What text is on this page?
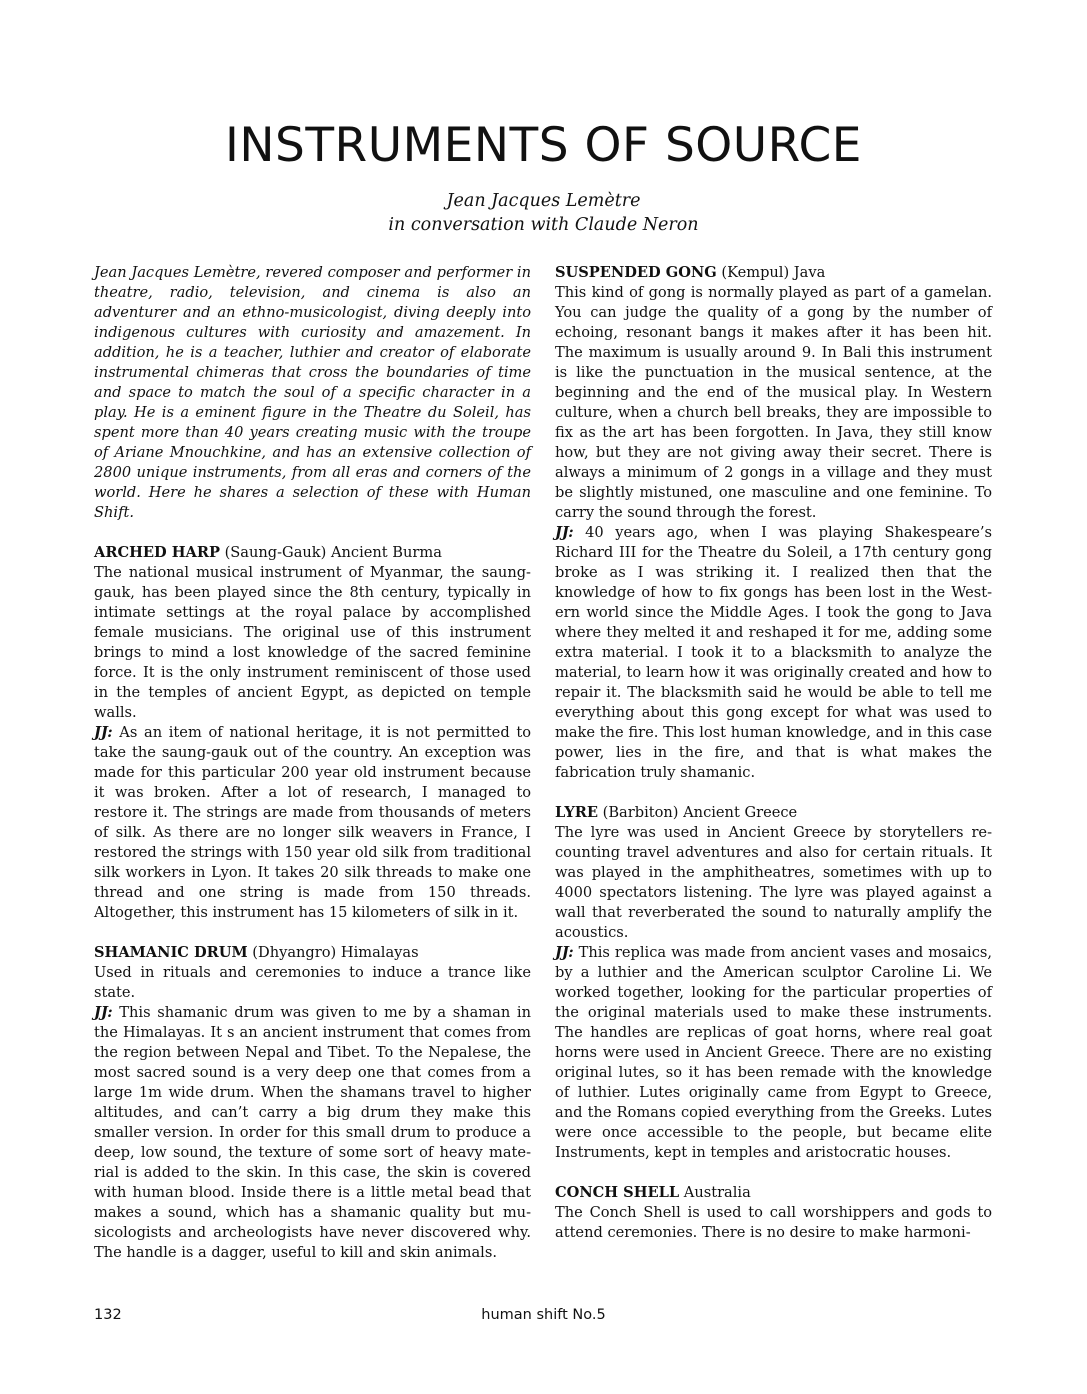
INSTRUMENTS OF SOURCE
Jean Jacques Lemètre
in conversation with Claude Neron

Jean Jacques Lemètre, revered composer and performer in theatre, radio, television, and cinema is also an adventurer and an ethno-musicologist, diving deeply into indigenous cultures with curiosity and amazement. In addition, he is a teacher, luthier and creator of elaborate instrumental chimeras that cross the boundaries of time and space to match the soul of a specific character in a play. He is a eminent figure in the Theatre du Soleil, has spent more than 40 years creating music with the troupe of Ariane Mnouchkine, and has an extensive collection of 2800 unique instruments, from all eras and corners of the world. Here he shares a selection of these with Human Shift.

ARCHED HARP (Saung-Gauk) Ancient Burma

The national musical instrument of Myanmar, the saung-gauk, has been played since the 8th century, typically in intimate settings at the royal palace by accomplished female musicians. The original use of this instrument brings to mind a lost knowledge of the sacred feminine force. It is the only instrument reminiscent of those used in the temples of ancient Egypt, as depicted on temple walls.

JJ: As an item of national heritage, it is not permitted to take the saung-gauk out of the country. An exception was made for this particular 200 year old instrument because it was broken. After a lot of research, I managed to restore it. The strings are made from thousands of meters of silk. As there are no longer silk weavers in France, I restored the strings with 150 year old silk from traditional silk workers in Lyon. It takes 20 silk threads to make one thread and one string is made from 150 threads. Altogether, this instrument has 15 kilometers of silk in it.

SHAMANIC DRUM (Dhyangro) Himalayas

Used in rituals and ceremonies to induce a trance like state.

JJ: This shamanic drum was given to me by a shaman in the Himalayas. It s an ancient instrument that comes from the region between Nepal and Tibet. To the Nepalese, the most sacred sound is a very deep one that comes from a large 1m wide drum. When the shamans travel to higher altitudes, and can’t carry a big drum they make this smaller version. In order for this small drum to produce a deep, low sound, the texture of some sort of heavy material is added to the skin. In this case, the skin is covered with human blood. Inside there is a little metal bead that makes a sound, which has a shamanic quality but musicologists and archeologists have never discovered why. The handle is a dagger, useful to kill and skin animals.

SUSPENDED GONG (Kempul) Java

This kind of gong is normally played as part of a gamelan. You can judge the quality of a gong by the number of echoing, resonant bangs it makes after it has been hit. The maximum is usually around 9. In Bali this instrument is like the punctuation in the musical sentence, at the beginning and the end of the musical play. In Western culture, when a church bell breaks, they are impossible to fix as the art has been forgotten. In Java, they still know how, but they are not giving away their secret. There is always a minimum of 2 gongs in a village and they must be slightly mistuned, one masculine and one feminine. To carry the sound through the forest.

JJ: 40 years ago, when I was playing Shakespeare’s Richard III for the Theatre du Soleil, a 17th century gong broke as I was striking it. I realized then that the knowledge of how to fix gongs has been lost in the Western world since the Middle Ages. I took the gong to Java where they melted it and reshaped it for me, adding some extra material. I took it to a blacksmith to analyze the material, to learn how it was originally created and how to repair it. The blacksmith said he would be able to tell me everything about this gong except for what was used to make the fire. This lost human knowledge, and in this case power, lies in the fire, and that is what makes the fabrication truly shamanic.

LYRE (Barbiton) Ancient Greece

The lyre was used in Ancient Greece by storytellers recounting travel adventures and also for certain rituals. It was played in the amphitheatres, sometimes with up to 4000 spectators listening. The lyre was played against a wall that reverberated the sound to naturally amplify the acoustics.

JJ: This replica was made from ancient vases and mosaics, by a luthier and the American sculptor Caroline Li. We worked together, looking for the particular properties of the original materials used to make these instruments. The handles are replicas of goat horns, where real goat horns were used in Ancient Greece. There are no existing original lutes, so it has been remade with the knowledge of luthier. Lutes originally came from Egypt to Greece, and the Romans copied everything from the Greeks. Lutes were once accessible to the people, but became elite Instruments, kept in temples and aristocratic houses.

CONCH SHELL Australia

The Conch Shell is used to call worshippers and gods to attend ceremonies. There is no desire to make harmoni-

132	human shift No.5
